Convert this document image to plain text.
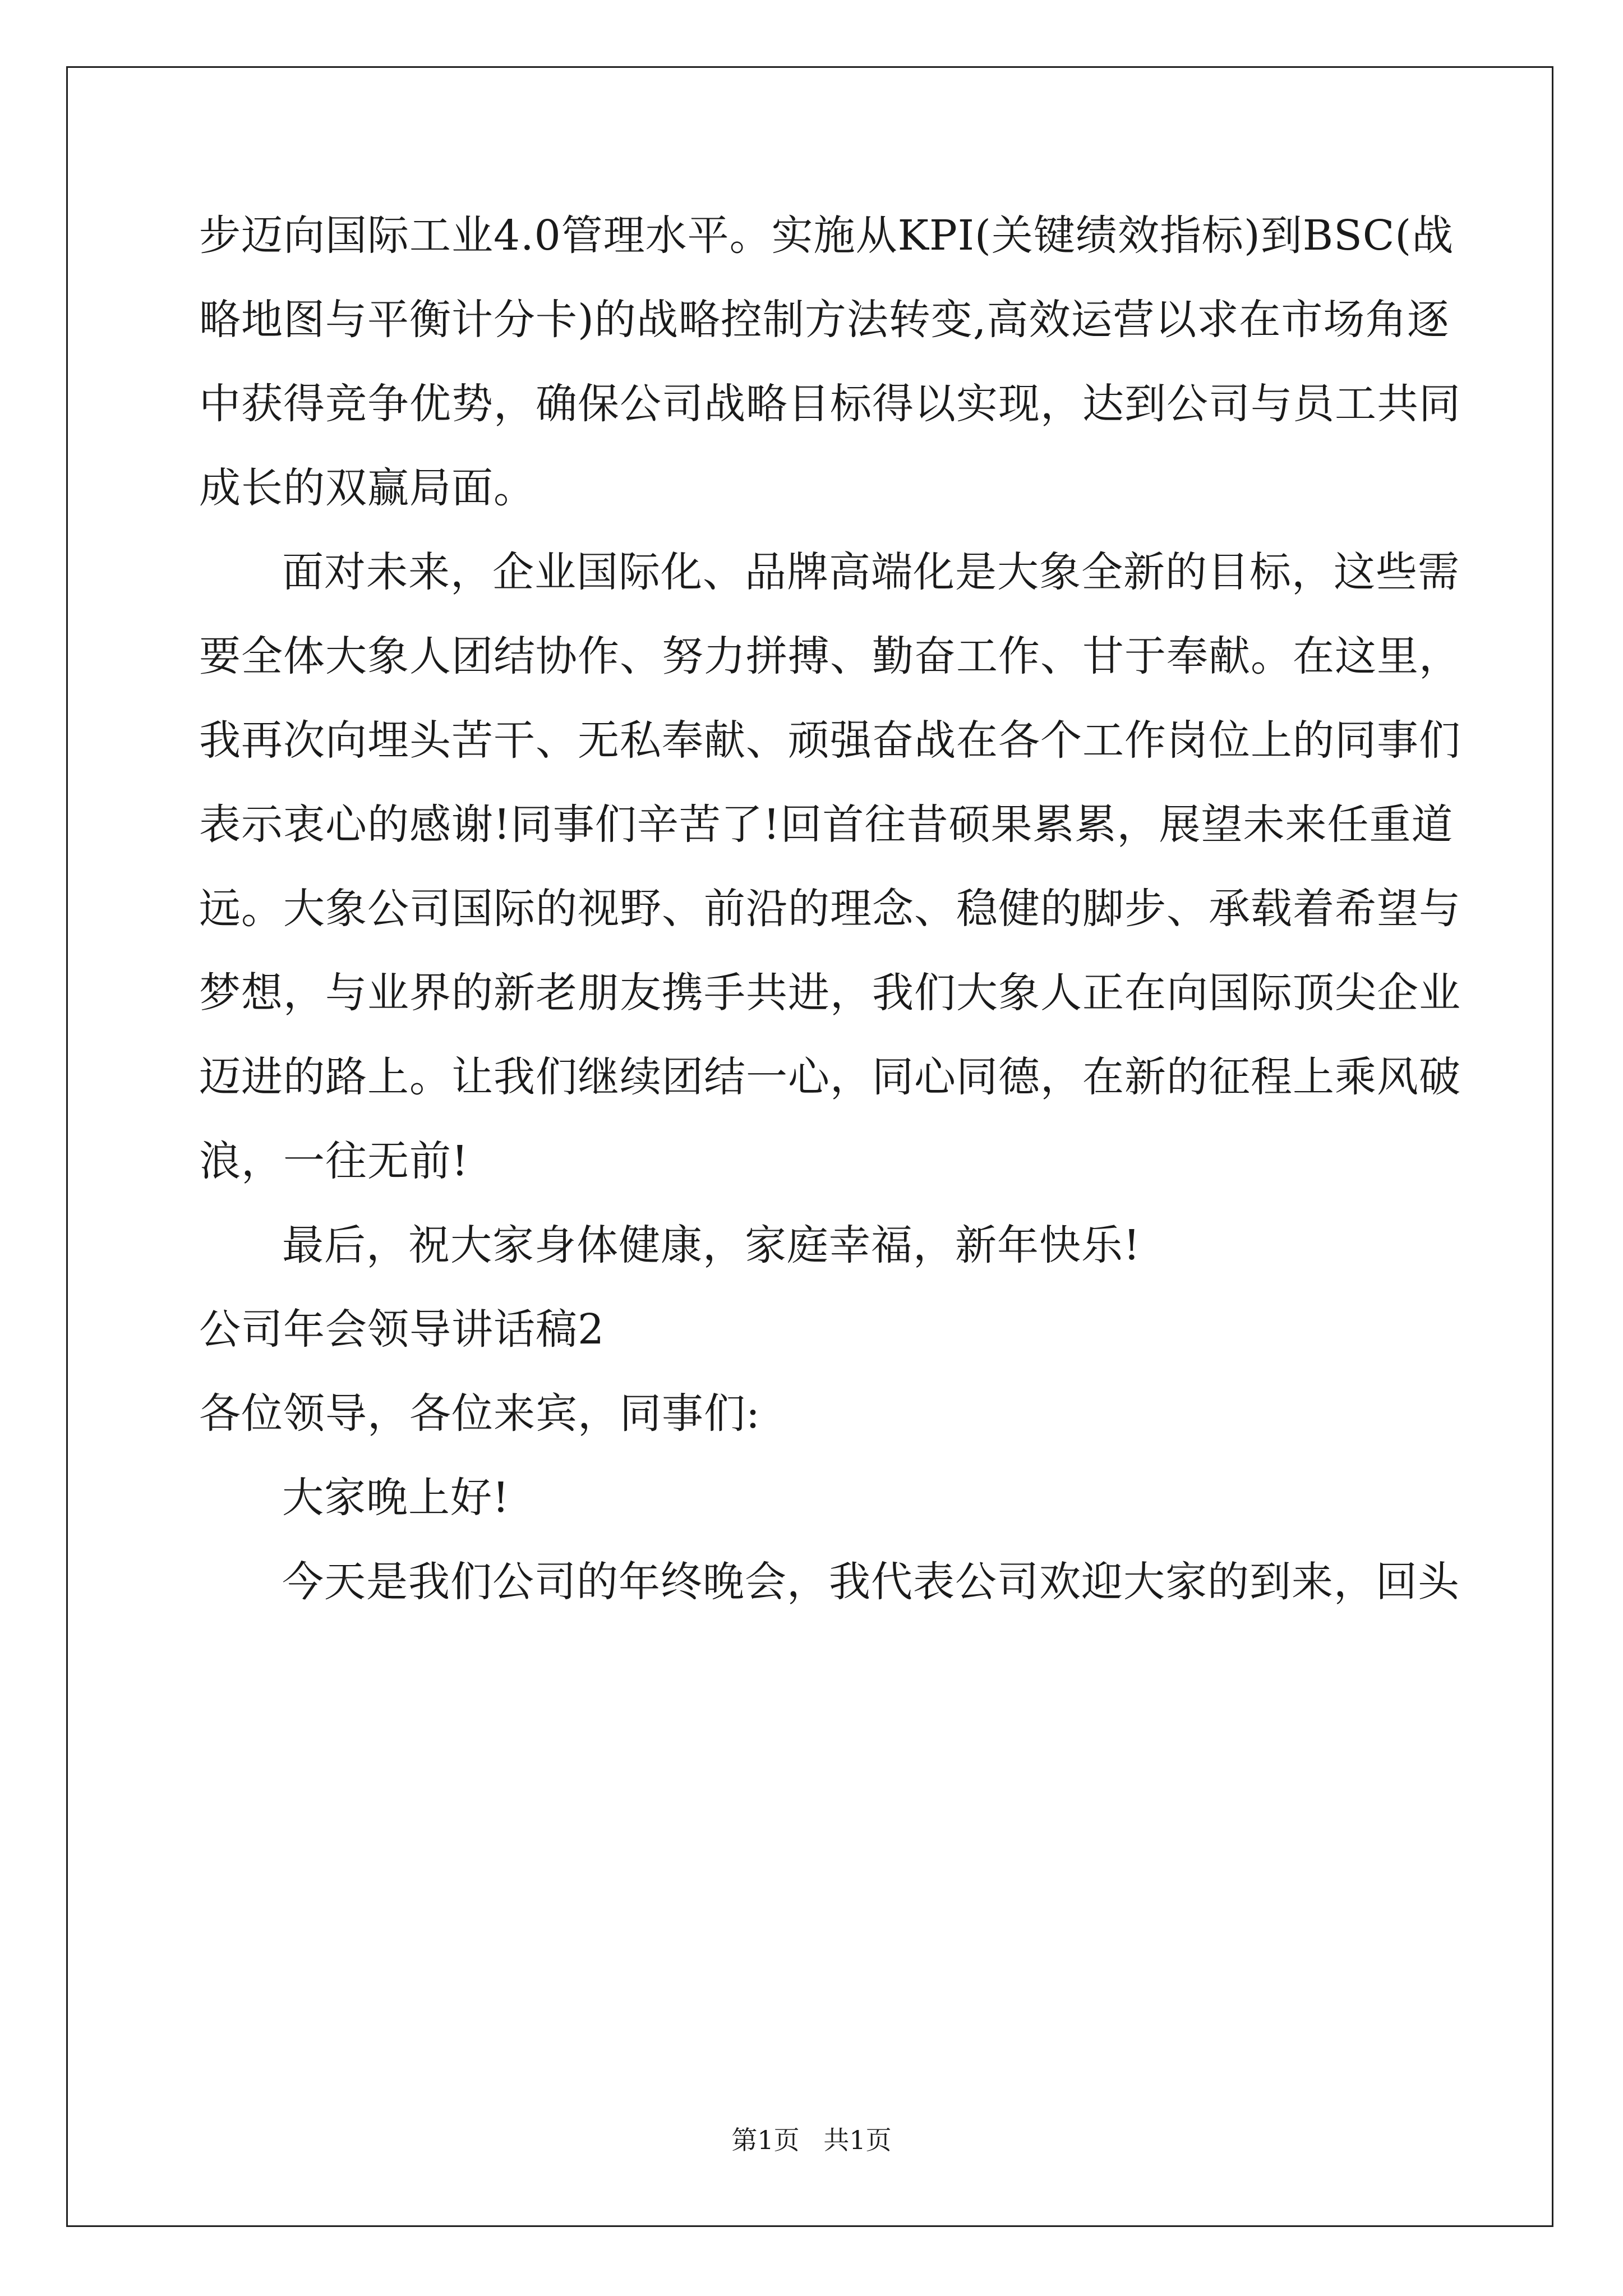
步迈向国际工业4.0管理水平。实施从KPI(关键绩效指标)到BSC(战
略地图与平衡计分卡)的战略控制方法转变,高效运营以求在市场角逐
中获得竞争优势，确保公司战略目标得以实现，达到公司与员工共同
成长的双赢局面。
面对未来，企业国际化、品牌高端化是大象全新的目标，这些需
要全体大象人团结协作、努力拼搏、勤奋工作、甘于奉献。在这里，
我再次向埋头苦干、无私奉献、顽强奋战在各个工作岗位上的同事们
表示衷心的感谢!同事们辛苦了!回首往昔硕果累累，展望未来任重道
远。大象公司国际的视野、前沿的理念、稳健的脚步、承载着希望与
梦想，与业界的新老朋友携手共进，我们大象人正在向国际顶尖企业
迈进的路上。让我们继续团结一心，同心同德，在新的征程上乘风破
浪，一往无前!
最后，祝大家身体健康，家庭幸福，新年快乐!
公司年会领导讲话稿2
各位领导，各位来宾，同事们:
大家晚上好!
今天是我们公司的年终晚会，我代表公司欢迎大家的到来，回头
第1页 共1页
